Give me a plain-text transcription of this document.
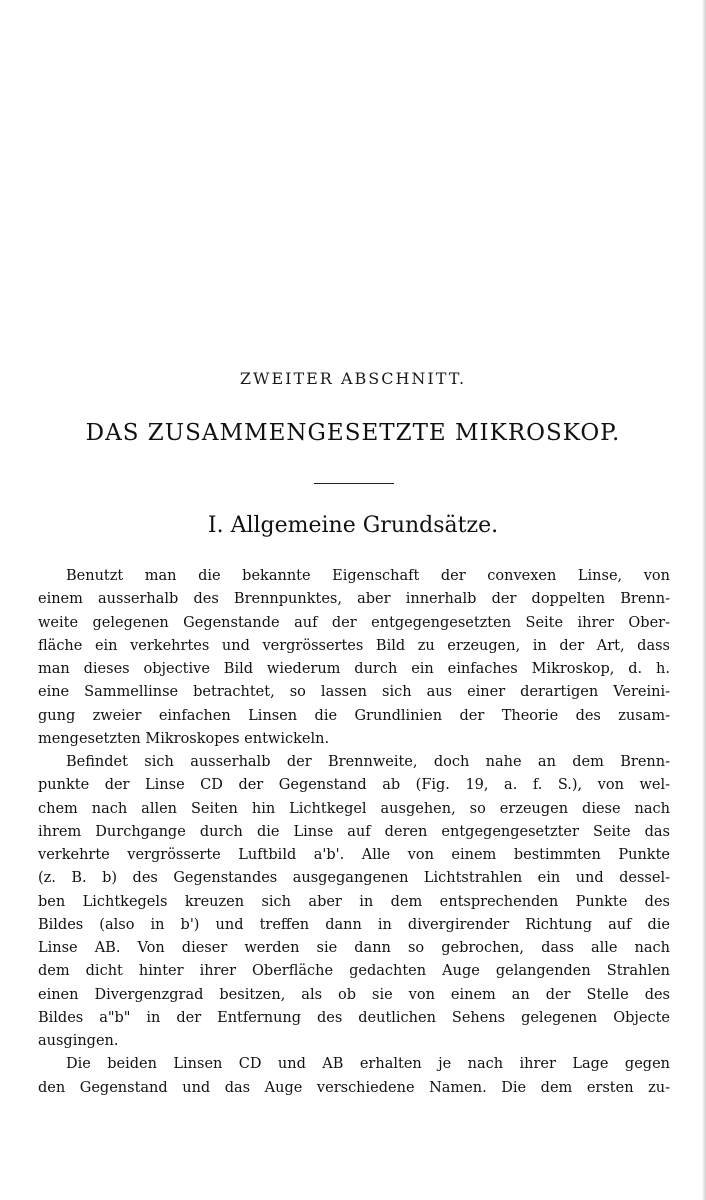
ZWEITER ABSCHNITT.
DAS ZUSAMMENGESETZTE MIKROSKOP.
I. Allgemeine Grundsätze.
Benutzt man die bekannte Eigenschaft der convexen Linse, von
einem ausserhalb des Brennpunktes, aber innerhalb der doppelten Brenn-
weite gelegenen Gegenstande auf der entgegengesetzten Seite ihrer Ober-
fläche ein verkehrtes und vergrössertes Bild zu erzeugen, in der Art, dass
man dieses objective Bild wiederum durch ein einfaches Mikroskop, d. h.
eine Sammellinse betrachtet, so lassen sich aus einer derartigen Vereini-
gung zweier einfachen Linsen die Grundlinien der Theorie des zusam-
mengesetzten Mikroskopes entwickeln.
Befindet sich ausserhalb der Brennweite, doch nahe an dem Brenn-
punkte der Linse CD der Gegenstand ab (Fig. 19, a. f. S.), von wel-
chem nach allen Seiten hin Lichtkegel ausgehen, so erzeugen diese nach
ihrem Durchgange durch die Linse auf deren entgegengesetzter Seite das
verkehrte vergrösserte Luftbild a'b'. Alle von einem bestimmten Punkte
(z. B. b) des Gegenstandes ausgegangenen Lichtstrahlen ein und dessel-
ben Lichtkegels kreuzen sich aber in dem entsprechenden Punkte des
Bildes (also in b') und treffen dann in divergirender Richtung auf die
Linse AB. Von dieser werden sie dann so gebrochen, dass alle nach
dem dicht hinter ihrer Oberfläche gedachten Auge gelangenden Strahlen
einen Divergenzgrad besitzen, als ob sie von einem an der Stelle des
Bildes a"b" in der Entfernung des deutlichen Sehens gelegenen Objecte
ausgingen.
Die beiden Linsen CD und AB erhalten je nach ihrer Lage gegen
den Gegenstand und das Auge verschiedene Namen. Die dem ersten zu-
